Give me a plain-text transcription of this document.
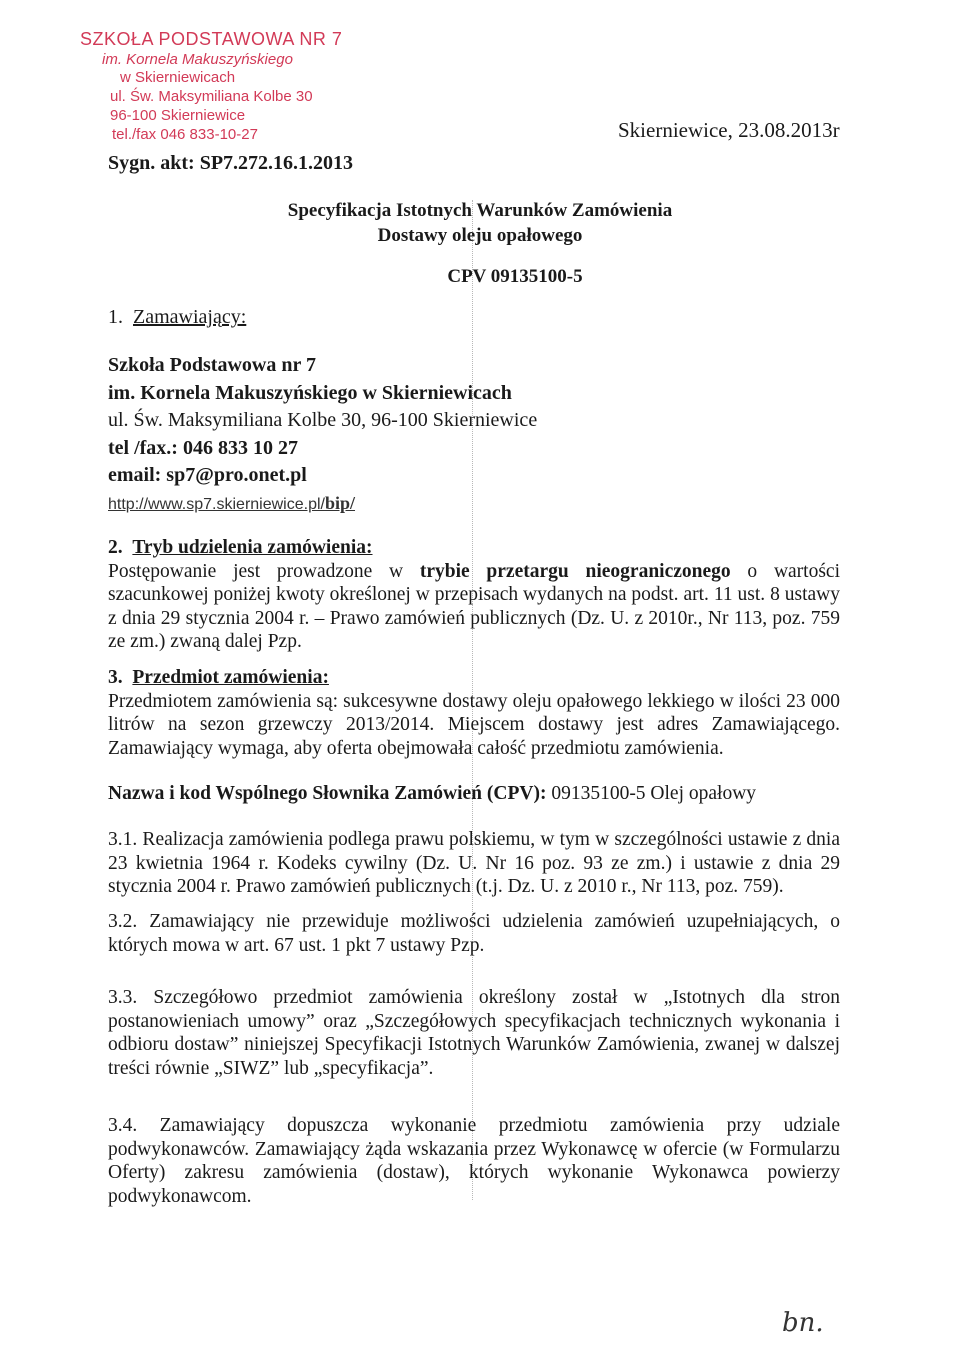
SZKOŁA PODSTAWOWA NR 7
im. Kornela Makuszyńskiego
w Skierniewicach
ul. Św. Maksymiliana Kolbe 30
96-100 Skierniewice
tel./fax 046 833-10-27	Skierniewice, 23.08.2013r
Sygn. akt: SP7.272.16.1.2013
Specyfikacja Istotnych Warunków Zamówienia
Dostawy oleju opałowego
CPV 09135100-5
1. Zamawiający:
Szkoła Podstawowa nr 7
im. Kornela Makuszyńskiego w Skierniewicach
ul. Św. Maksymiliana Kolbe 30, 96-100 Skierniewice
tel /fax.: 046 833 10 27
email: sp7@pro.onet.pl
http://www.sp7.skierniewice.pl/bip/
2. Tryb udzielenia zamówienia:
Postępowanie jest prowadzone w trybie przetargu nieograniczonego o wartości szacunkowej poniżej kwoty określonej w przepisach wydanych na podst. art. 11 ust. 8 ustawy z dnia 29 stycznia 2004 r. – Prawo zamówień publicznych (Dz. U. z 2010r., Nr 113, poz. 759 ze zm.) zwaną dalej Pzp.
3. Przedmiot zamówienia:
Przedmiotem zamówienia są: sukcesywne dostawy oleju opałowego lekkiego w ilości 23 000 litrów na sezon grzewczy 2013/2014. Miejscem dostawy jest adres Zamawiającego. Zamawiający wymaga, aby oferta obejmowała całość przedmiotu zamówienia.
Nazwa i kod Wspólnego Słownika Zamówień (CPV): 09135100-5 Olej opałowy
3.1. Realizacja zamówienia podlega prawu polskiemu, w tym w szczególności ustawie z dnia 23 kwietnia 1964 r. Kodeks cywilny (Dz. U. Nr 16 poz. 93 ze zm.) i ustawie z dnia 29 stycznia 2004 r. Prawo zamówień publicznych (t.j. Dz. U. z 2010 r., Nr 113, poz. 759).
3.2. Zamawiający nie przewiduje możliwości udzielenia zamówień uzupełniających, o których mowa w art. 67 ust. 1 pkt 7 ustawy Pzp.
3.3. Szczegółowo przedmiot zamówienia określony został w „Istotnych dla stron postanowieniach umowy” oraz „Szczegółowych specyfikacjach technicznych wykonania i odbioru dostaw” niniejszej Specyfikacji Istotnych Warunków Zamówienia, zwanej w dalszej treści równie „SIWZ” lub „specyfikacja”.
3.4. Zamawiający dopuszcza wykonanie przedmiotu zamówienia przy udziale podwykonawców. Zamawiający żąda wskazania przez Wykonawcę w ofercie (w Formularzu Oferty) zakresu zamówienia (dostaw), których wykonanie Wykonawca powierzy podwykonawcom.
bn.
